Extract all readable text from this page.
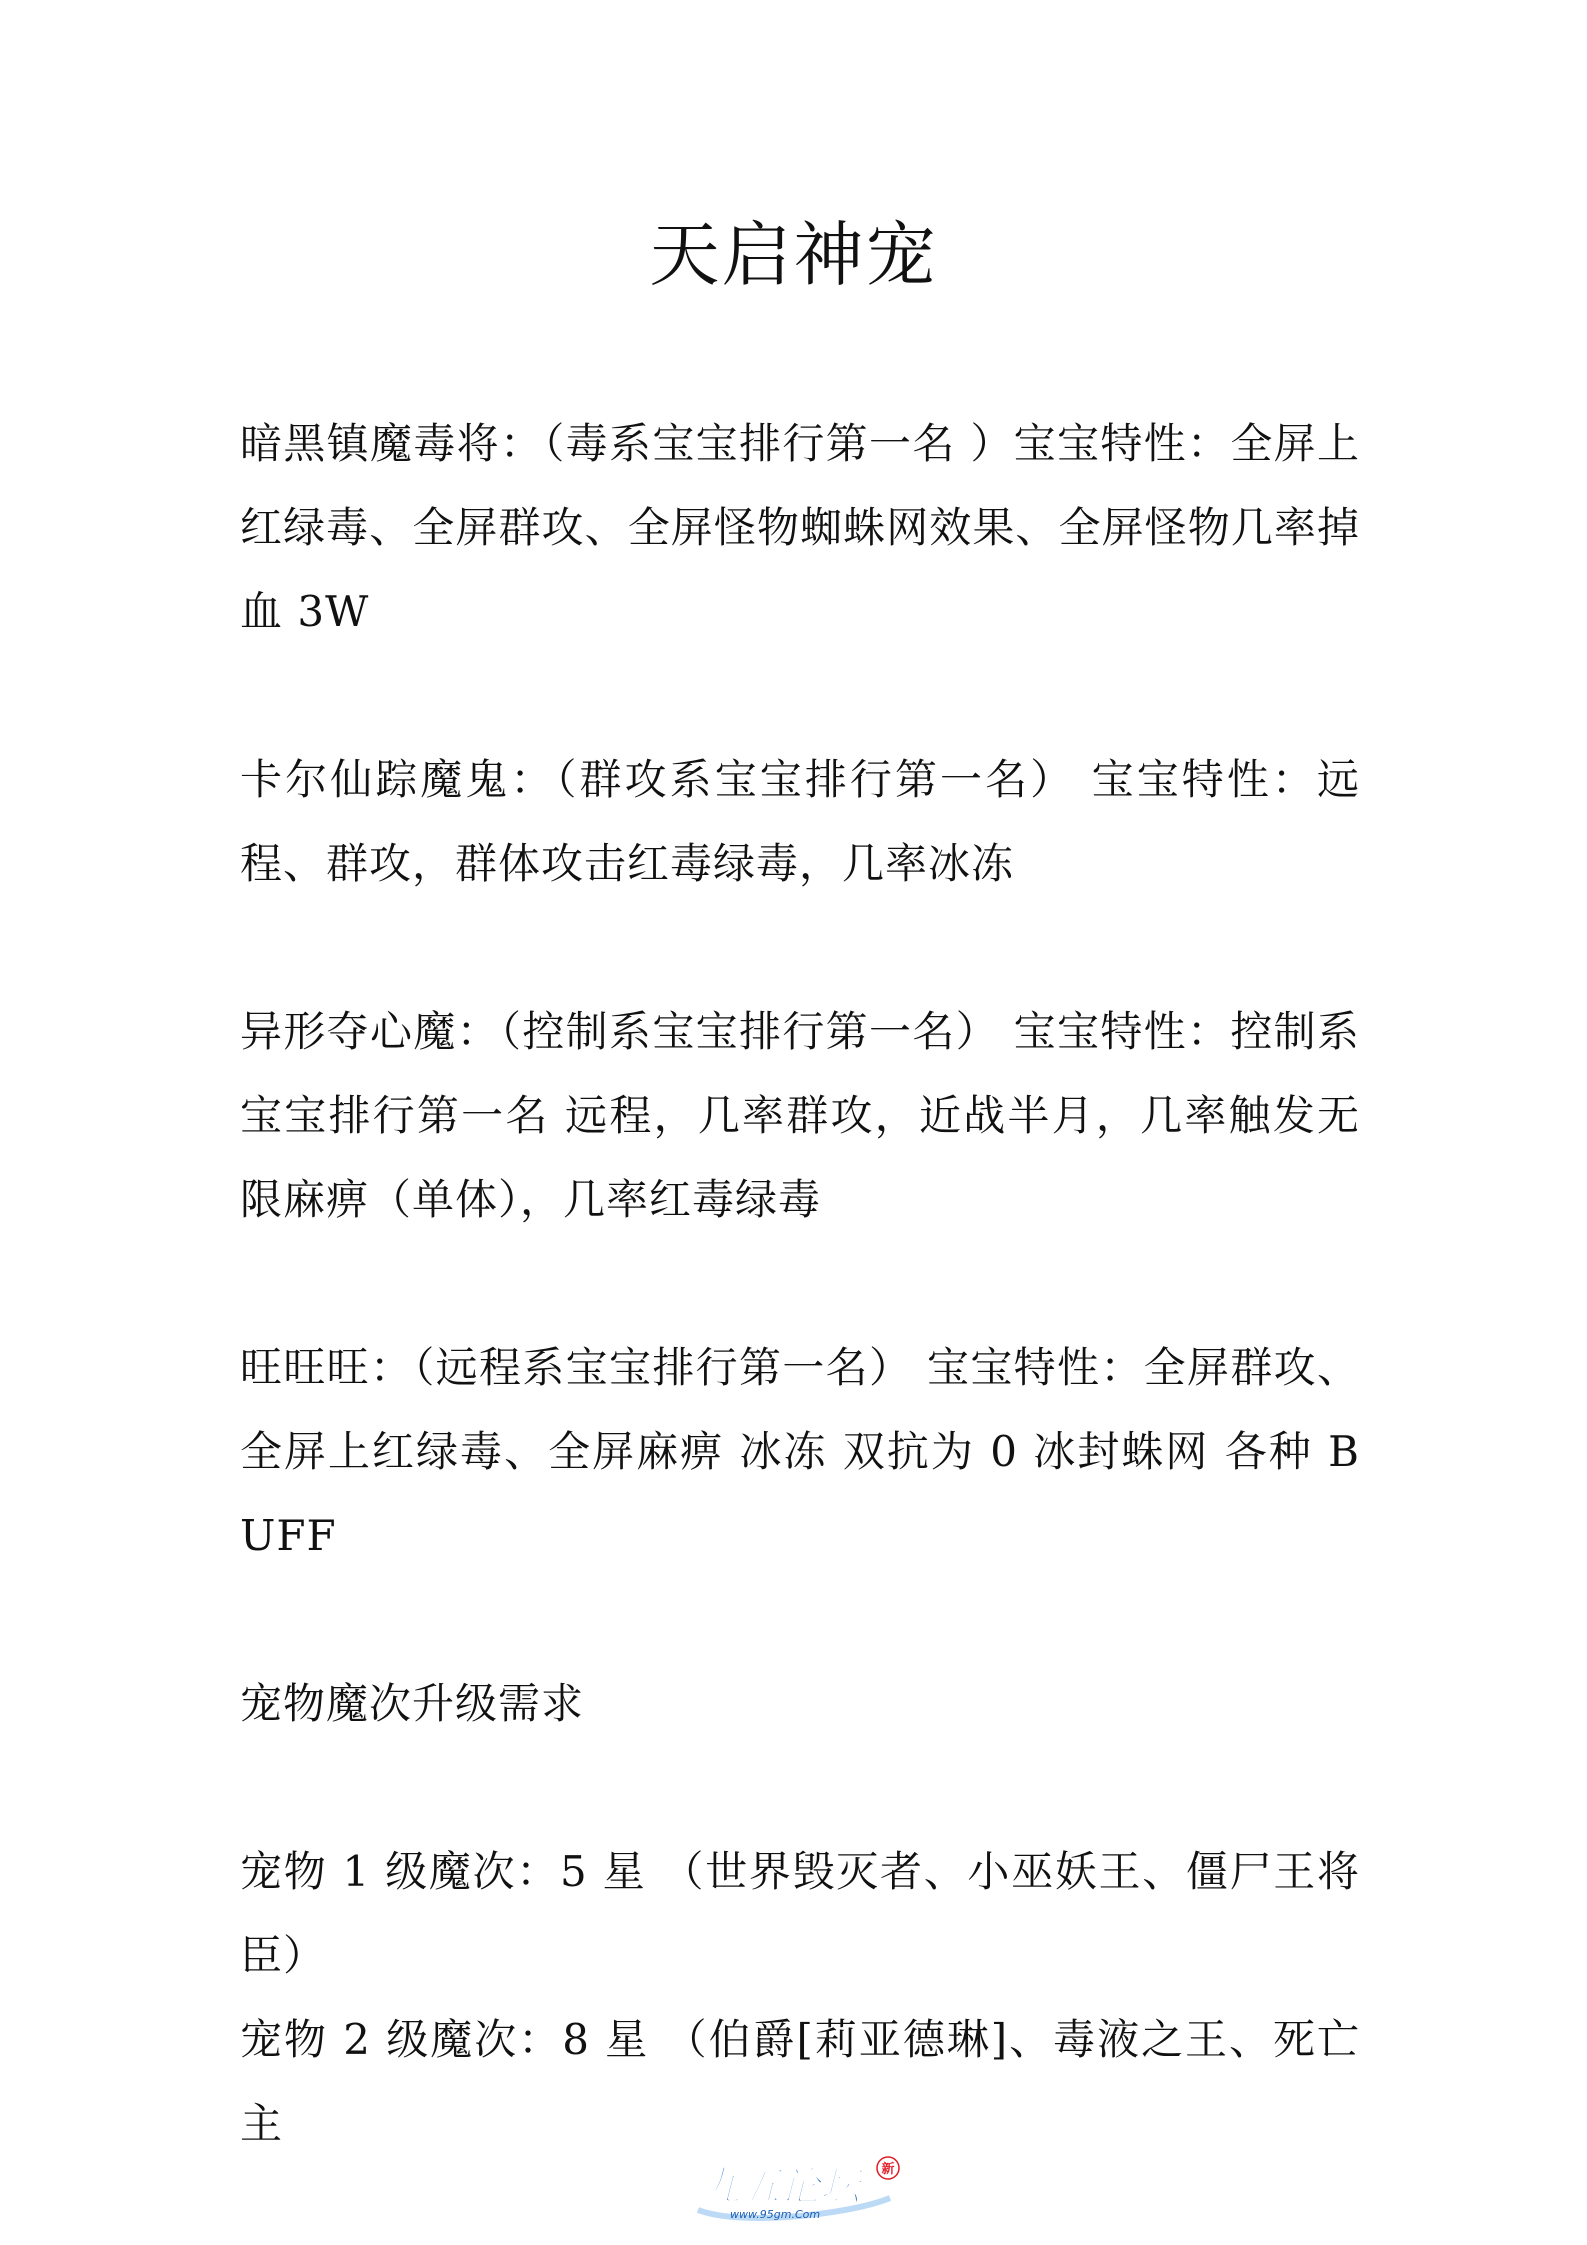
天启神宠

暗黑镇魔毒将：（毒系宝宝排行第一名 ）宝宝特性：全屏上红绿毒、全屏群攻、全屏怪物蜘蛛网效果、全屏怪物几率掉血 3W

卡尔仙踪魔鬼：（群攻系宝宝排行第一名） 宝宝特性：远程、群攻，群体攻击红毒绿毒，几率冰冻

异形夺心魔：（控制系宝宝排行第一名） 宝宝特性：控制系宝宝排行第一名 远程，几率群攻，近战半月，几率触发无限麻痹（单体），几率红毒绿毒

旺旺旺：（远程系宝宝排行第一名） 宝宝特性：全屏群攻、全屏上红绿毒、全屏麻痹 冰冻 双抗为 0 冰封蛛网 各种 BUFF

宠物魔次升级需求

宠物 1 级魔次：5 星 （世界毁灭者、小巫妖王、僵尸王将臣）

宠物 2 级魔次：8 星 （伯爵[莉亚德琳]、毒液之王、死亡主

九五论坛
www.95gm.Com
新
